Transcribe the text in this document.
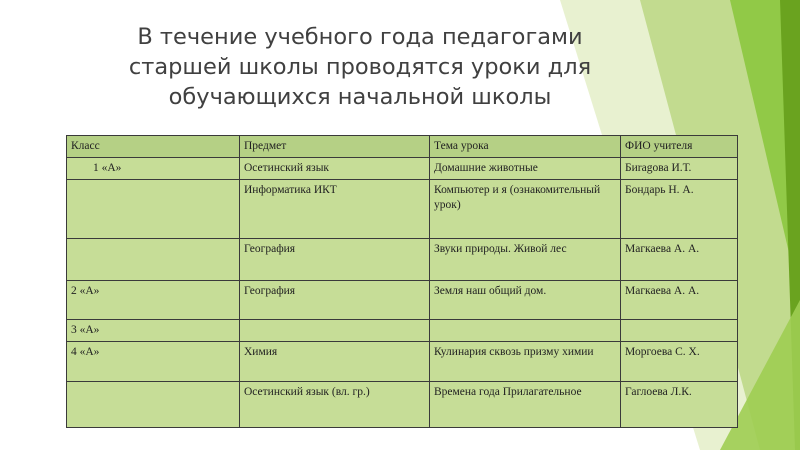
В течение учебного года педагогами
старшей школы проводятся уроки для
обучающихся начальной школы
Класс	Предмет	Тема урока	ФИО учителя
1 «А»	Осетинский язык	Домашние животные	Биragова И.Т.
	Информатика ИКТ	Компьютер и я (ознакомительный урок)	Бондарь Н. А.
	География	Звуки природы. Живой лес	Магкаева А. А.
2 «А»	География	Земля наш общий дом.	Магкаева А. А.
3 «А»			
4 «А»	Химия	Кулинария сквозь призму химии	Моргоева С. Х.
	Осетинский язык (вл. гр.)	Времена года Прилагательное	Гаглоева Л.К.
